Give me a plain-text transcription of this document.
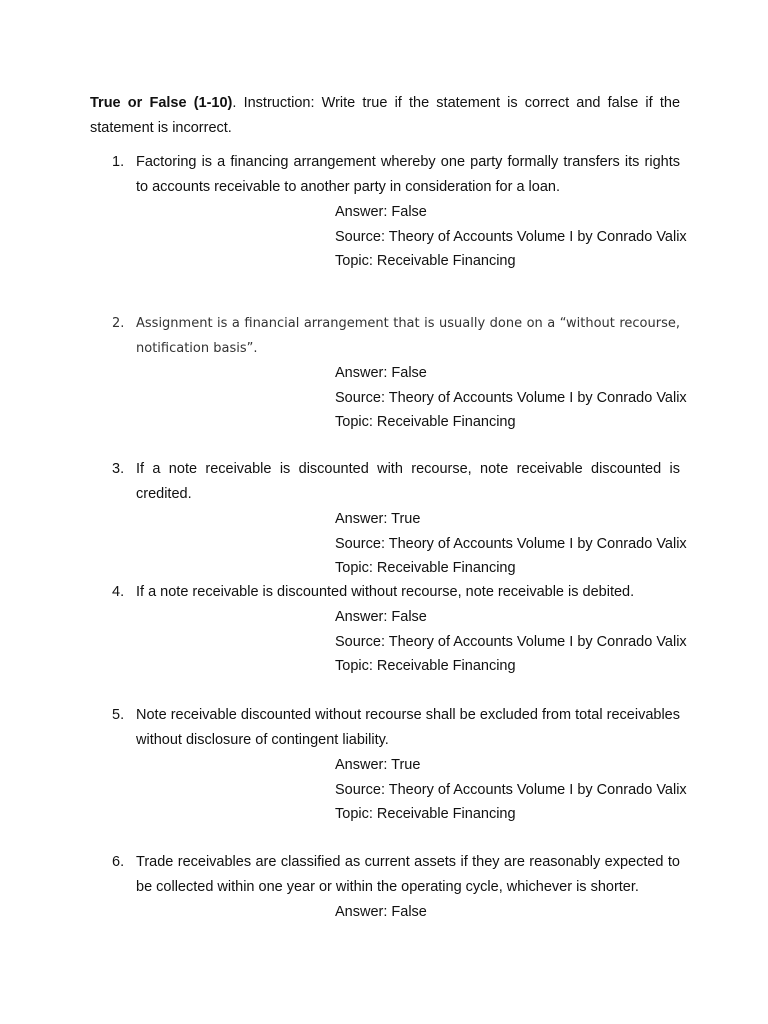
True or False (1-10). Instruction: Write true if the statement is correct and false if the statement is incorrect.
1. Factoring is a financing arrangement whereby one party formally transfers its rights to accounts receivable to another party in consideration for a loan.
Answer: False
Source: Theory of Accounts Volume I by Conrado Valix
Topic: Receivable Financing
2. Assignment is a financial arrangement that is usually done on a “without recourse, notification basis”.
Answer: False
Source: Theory of Accounts Volume I by Conrado Valix
Topic: Receivable Financing
3. If a note receivable is discounted with recourse, note receivable discounted is credited.
Answer: True
Source: Theory of Accounts Volume I by Conrado Valix
Topic: Receivable Financing
4. If a note receivable is discounted without recourse, note receivable is debited.
Answer: False
Source: Theory of Accounts Volume I by Conrado Valix
Topic: Receivable Financing
5. Note receivable discounted without recourse shall be excluded from total receivables without disclosure of contingent liability.
Answer: True
Source: Theory of Accounts Volume I by Conrado Valix
Topic: Receivable Financing
6. Trade receivables are classified as current assets if they are reasonably expected to be collected within one year or within the operating cycle, whichever is shorter.
Answer: False
